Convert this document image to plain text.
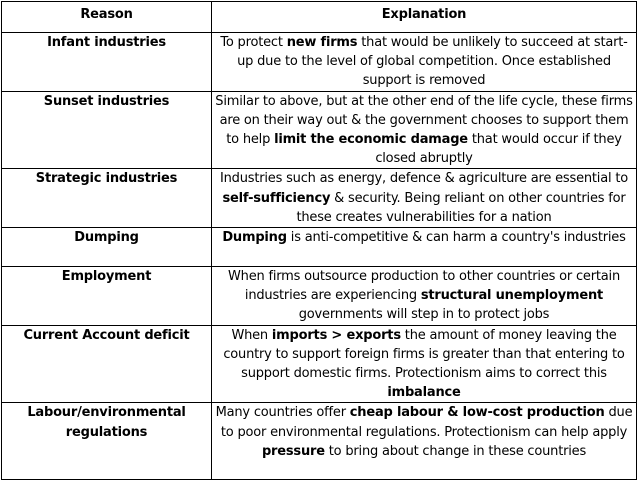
Reason	Explanation
Infant industries	To protect new firms that would be unlikely to succeed at start-up due to the level of global competition. Once established support is removed
Sunset industries	Similar to above, but at the other end of the life cycle, these firms are on their way out & the government chooses to support them to help limit the economic damage that would occur if they closed abruptly
Strategic industries	Industries such as energy, defence & agriculture are essential to self-sufficiency & security. Being reliant on other countries for these creates vulnerabilities for a nation
Dumping	Dumping is anti-competitive & can harm a country's industries
Employment	When firms outsource production to other countries or certain industries are experiencing structural unemployment governments will step in to protect jobs
Current Account deficit	When imports > exports the amount of money leaving the country to support foreign firms is greater than that entering to support domestic firms. Protectionism aims to correct this imbalance
Labour/environmental regulations	Many countries offer cheap labour & low-cost production due to poor environmental regulations. Protectionism can help apply pressure to bring about change in these countries
